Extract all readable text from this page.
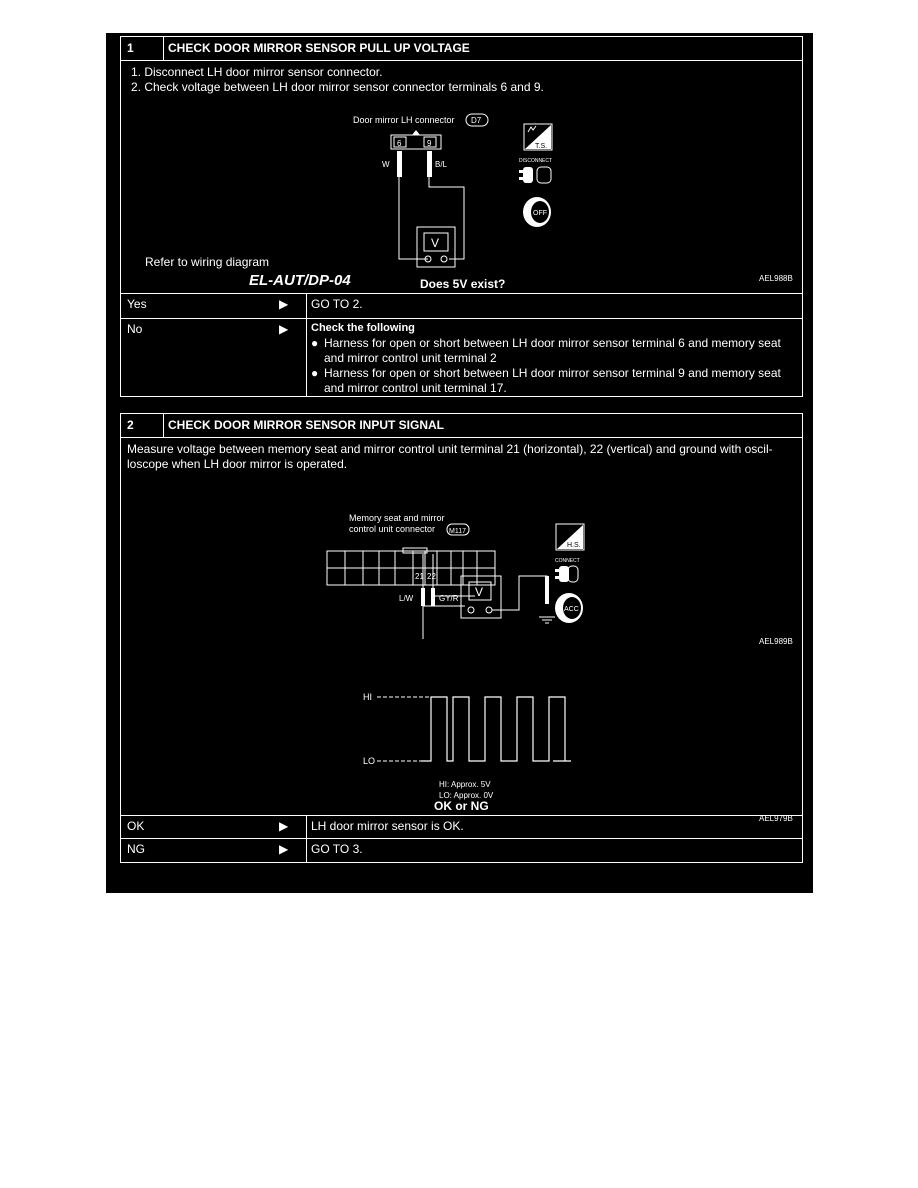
1	CHECK DOOR MIRROR SENSOR PULL UP VOLTAGE
1. Disconnect LH door mirror sensor connector.
2. Check voltage between LH door mirror sensor connector terminals 6 and 9.
Door mirror LH connector D7
6	9
W	B/L
V
T.S.
DISCONNECT
OFF
AEL988B
Refer to wiring diagram
EL-AUT/DP-04	Does 5V exist?
Yes	▶ GO TO 2.
No	▶ Check the following
● Harness for open or short between LH door mirror sensor terminal 6 and memory seat
and mirror control unit terminal 2
● Harness for open or short between LH door mirror sensor terminal 9 and memory seat
and mirror control unit terminal 17.
2	CHECK DOOR MIRROR SENSOR INPUT SIGNAL
Measure voltage between memory seat and mirror control unit terminal 21 (horizontal), 22 (vertical) and ground with oscil-
loscope when LH door mirror is operated.
Memory seat and mirror
control unit connector M117
21 22
L/W	GY/R V
H.S.
CONNECT
ACC
AEL989B
HI
LO
HI: Approx. 5V
LO: Approx. 0V
AEL979B
OK or NG
OK	▶ LH door mirror sensor is OK.
NG	▶ GO TO 3.
